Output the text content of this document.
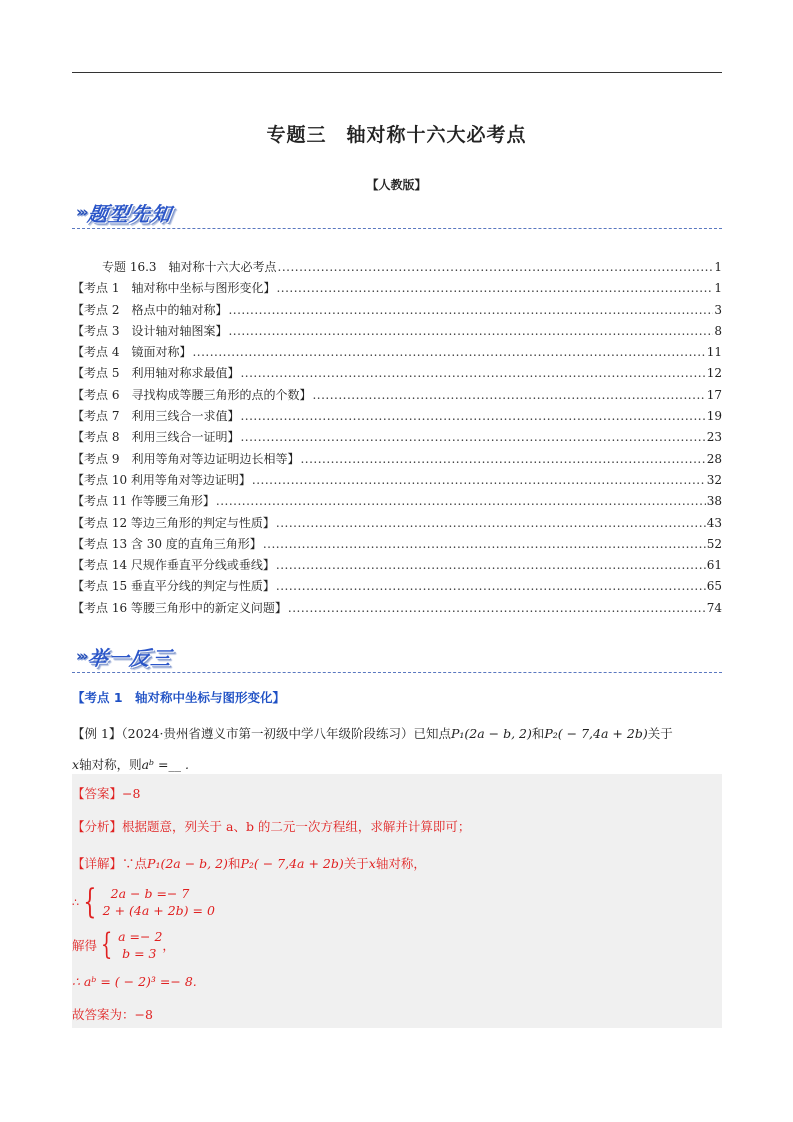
专题三　轴对称十六大必考点
【人教版】
››› 题型先知
专题 16.3　轴对称十六大必考点 .....	1
【考点 1　轴对称中坐标与图形变化】 .....	1
【考点 2　格点中的轴对称】 .....	3
【考点 3　设计轴对轴图案】 .....	8
【考点 4　镜面对称】 .....	11
【考点 5　利用轴对称求最值】 .....	12
【考点 6　寻找构成等腰三角形的点的个数】 .....	17
【考点 7　利用三线合一求值】 .....	19
【考点 8　利用三线合一证明】 .....	23
【考点 9　利用等角对等边证明边长相等】 .....	28
【考点 10 利用等角对等边证明】 .....	32
【考点 11 作等腰三角形】 .....	38
【考点 12 等边三角形的判定与性质】 .....	43
【考点 13 含 30 度的直角三角形】 .....	52
【考点 14 尺规作垂直平分线或垂线】 .....	61
【考点 15 垂直平分线的判定与性质】 .....	65
【考点 16 等腰三角形中的新定义问题】 .....	74
››› 举一反三
【考点 1　轴对称中坐标与图形变化】
【例 1】（2024·贵州省遵义市第一初级中学八年级阶段练习）已知点P₁(2a − b, 2)和P₂( − 7,4a + 2b)关于
x轴对称，则aᵇ =__ .
【答案】−8
【分析】根据题意，列关于 a、b 的二元一次方程组，求解并计算即可；
【详解】∵点P₁(2a − b, 2)和P₂( − 7,4a + 2b)关于x轴对称，
∴ {	2a − b =− 7
2 + (4a + 2b) = 0
解得 { a =− 2
b = 3
，
∴ aᵇ = ( − 2)³ =− 8.
故答案为：−8
